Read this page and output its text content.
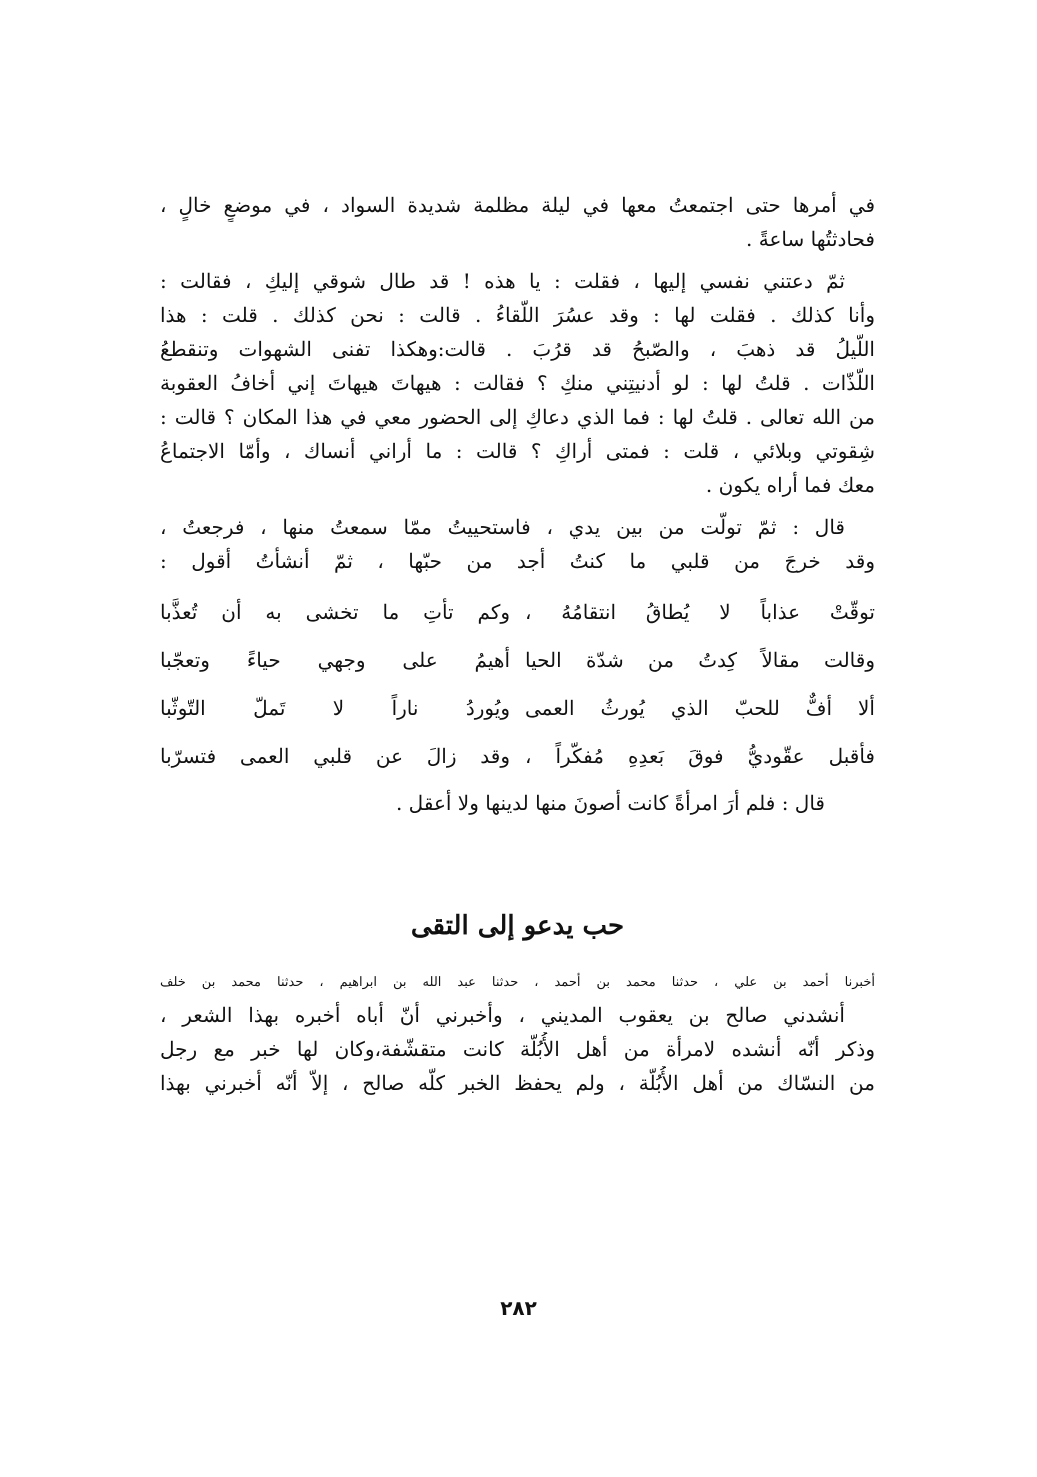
في أمرها حتى اجتمعتُ معها في ليلة مظلمة شديدة السواد ، في موضعٍ خالٍ ،
فحادثتُها ساعةً .
ثمّ دعتني نفسي إليها ، فقلت : يا هذه ! قد طال شوقي إليكِ ، فقالت :
وأنا كذلك . فقلت لها : وقد عسُرَ اللّقاءُ . قالت : نحن كذلك . قلت : هذا
اللّيلُ قد ذهبَ ، والصّبحُ قد قرُبَ . قالت:وهكذا تفنى الشهوات وتنقطعُ
اللّذّات . قلتُ لها : لو أدنيتِني منكِ ؟ فقالت : هيهاتَ هيهاتَ إني أخافُ العقوبة
من الله تعالى . قلتُ لها : فما الذي دعاكِ إلى الحضور معي في هذا المكان ؟ قالت :
شِقوتي وبلائي ، قلت : فمتى أراكِ ؟ قالت : ما أراني أنساك ، وأمّا الاجتماعُ
معك فما أراه يكون .
قال : ثمّ تولّت من بين يدي ، فاستحييتُ ممّا سمعتُ منها ، فرجعتُ ،
وقد خرجَ من قلبي ما كنتُ أجد من حبّها ، ثمّ أنشأتُ أقول :
توقّتْ عذاباً لا يُطاقُ انتقامُهُ ،
وكم تأتِ ما تخشى به أن تُعذَّبا
وقالت مقالاً كِدتُ من شدّة الحيا
أهيمُ على وجهي حياءً وتعجّبا
ألا أفٌّ للحبّ الذي يُورثُ العمى
ويُوردُ ناراً لا تَملّ التّوثّبا
فأقبل عقّوديُّ فوقَ بَعدِهِ مُفكّراً ،
وقد زالَ عن قلبي العمى فتسرّبا
قال : فلم أرَ امرأةً كانت أصونَ منها لدينها ولا أعقل .
حب يدعو إلى التقى
أخبرنا أحمد بن علي ، حدثنا محمد بن أحمد ، حدثنا عبد الله بن ابراهيم ، حدثنا محمد بن خلف
أنشدني صالح بن يعقوب المديني ، وأخبرني أنّ أباه أخبره بهذا الشعر ،
وذكر أنّه أنشده لامرأة من أهل الأُبُلّة كانت متقشّفة،وكان لها خبر مع رجل
من النسّاك من أهل الأُبُلّة ، ولم يحفظ الخبر كلّه صالح ، إلاّ أنّه أخبرني بهذا
٢٨٢
